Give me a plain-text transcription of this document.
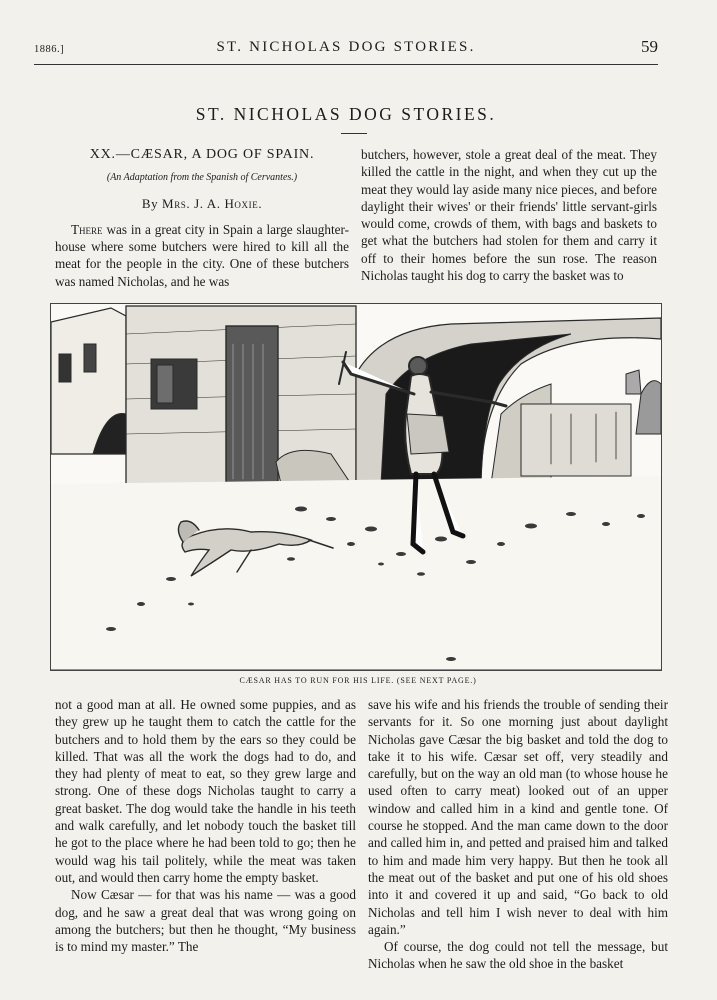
1886.]	ST. NICHOLAS DOG STORIES.	59
ST. NICHOLAS DOG STORIES.
XX.—CÆSAR, A DOG OF SPAIN.
(An Adaptation from the Spanish of Cervantes.)
By Mrs. J. A. Hoxie.

There was in a great city in Spain a large slaughter-house where some butchers were hired to kill all the meat for the people in the city. One of these butchers was named Nicholas, and he was

butchers, however, stole a great deal of the meat. They killed the cattle in the night, and when they cut up the meat they would lay aside many nice pieces, and before daylight their wives' or their friends' little servant-girls would come, crowds of them, with bags and baskets to get what the butchers had stolen for them and carry it off to their homes before the sun rose. The reason Nicholas taught his dog to carry the basket was to

CÆSAR HAS TO RUN FOR HIS LIFE. (SEE NEXT PAGE.)

not a good man at all. He owned some puppies, and as they grew up he taught them to catch the cattle for the butchers and to hold them by the ears so they could be killed. That was all the work the dogs had to do, and they had plenty of meat to eat, so they grew large and strong. One of these dogs Nicholas taught to carry a great basket. The dog would take the handle in his teeth and walk carefully, and let nobody touch the basket till he got to the place where he had been told to go; then he would wag his tail politely, while the meat was taken out, and would then carry home the empty basket.

Now Cæsar — for that was his name — was a good dog, and he saw a great deal that was wrong going on among the butchers; but then he thought, “My business is to mind my master.” The

save his wife and his friends the trouble of sending their servants for it. So one morning just about daylight Nicholas gave Cæsar the big basket and told the dog to take it to his wife. Cæsar set off, very steadily and carefully, but on the way an old man (to whose house he used often to carry meat) looked out of an upper window and called him in a kind and gentle tone. Of course he stopped. And the man came down to the door and called him in, and petted and praised him and talked to him and made him very happy. But then he took all the meat out of the basket and put one of his old shoes into it and covered it up and said, “Go back to old Nicholas and tell him I wish never to deal with him again.”

Of course, the dog could not tell the message, but Nicholas when he saw the old shoe in the basket
